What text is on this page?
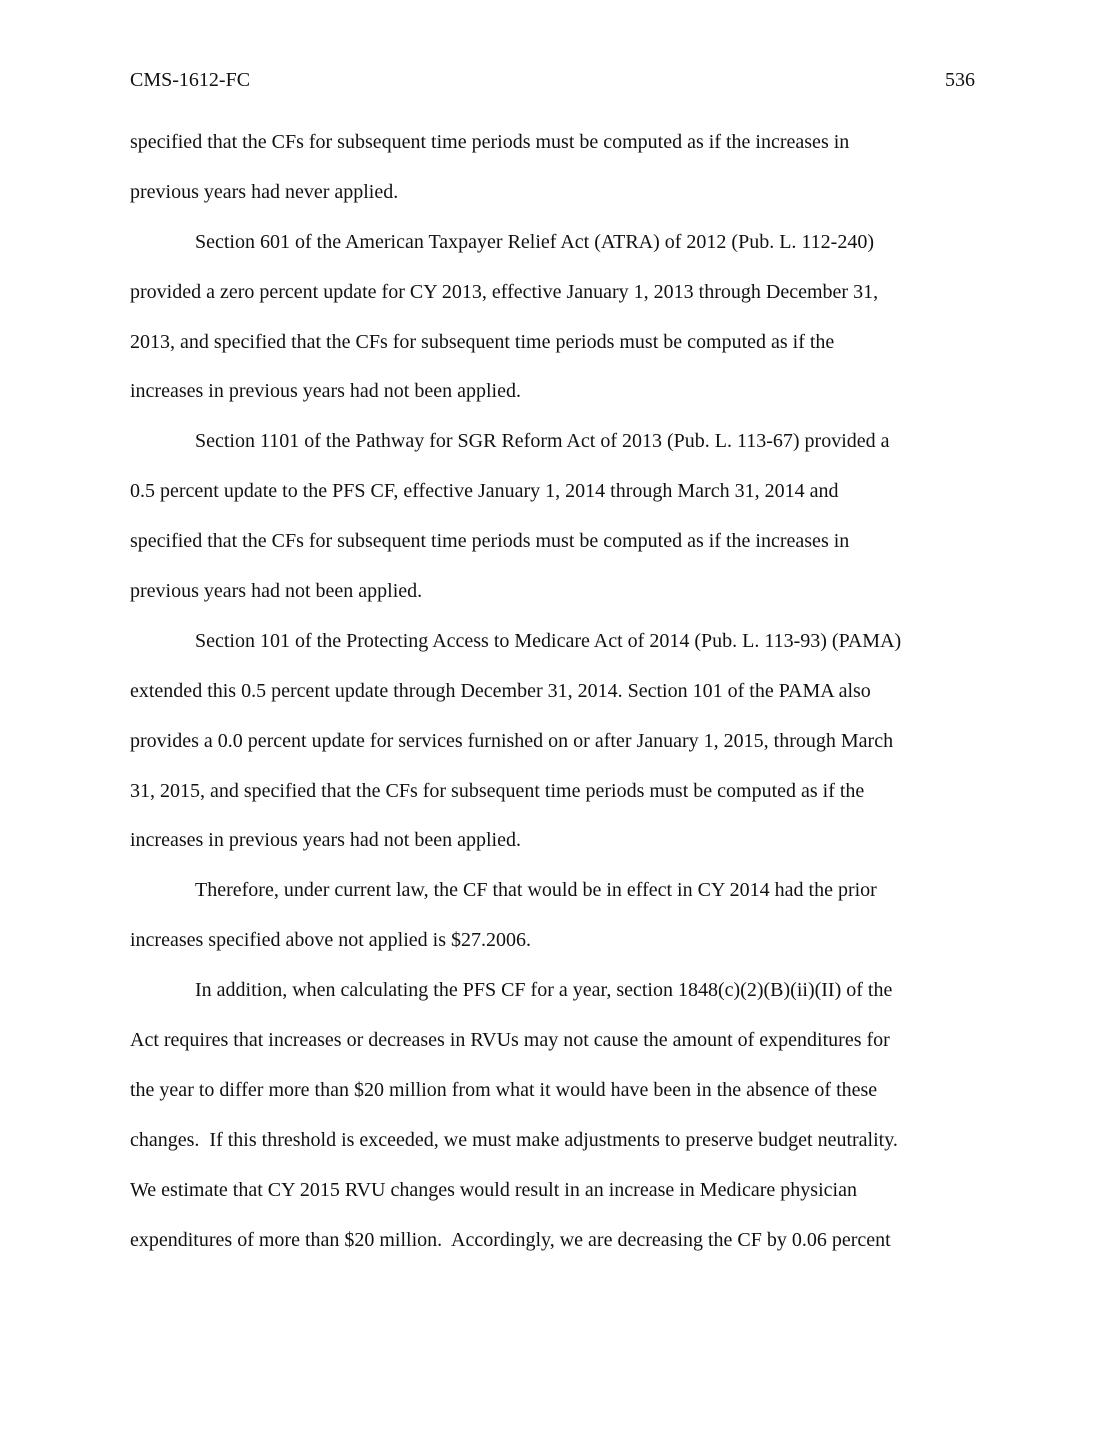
CMS-1612-FC	536
specified that the CFs for subsequent time periods must be computed as if the increases in
previous years had never applied.
Section 601 of the American Taxpayer Relief Act (ATRA) of 2012 (Pub. L. 112-240)
provided a zero percent update for CY 2013, effective January 1, 2013 through December 31,
2013, and specified that the CFs for subsequent time periods must be computed as if the
increases in previous years had not been applied.
Section 1101 of the Pathway for SGR Reform Act of 2013 (Pub. L. 113-67) provided a
0.5 percent update to the PFS CF, effective January 1, 2014 through March 31, 2014 and
specified that the CFs for subsequent time periods must be computed as if the increases in
previous years had not been applied.
Section 101 of the Protecting Access to Medicare Act of 2014 (Pub. L. 113-93) (PAMA)
extended this 0.5 percent update through December 31, 2014. Section 101 of the PAMA also
provides a 0.0 percent update for services furnished on or after January 1, 2015, through March
31, 2015, and specified that the CFs for subsequent time periods must be computed as if the
increases in previous years had not been applied.
Therefore, under current law, the CF that would be in effect in CY 2014 had the prior
increases specified above not applied is $27.2006.
In addition, when calculating the PFS CF for a year, section 1848(c)(2)(B)(ii)(II) of the
Act requires that increases or decreases in RVUs may not cause the amount of expenditures for
the year to differ more than $20 million from what it would have been in the absence of these
changes.  If this threshold is exceeded, we must make adjustments to preserve budget neutrality.
We estimate that CY 2015 RVU changes would result in an increase in Medicare physician
expenditures of more than $20 million.  Accordingly, we are decreasing the CF by 0.06 percent
